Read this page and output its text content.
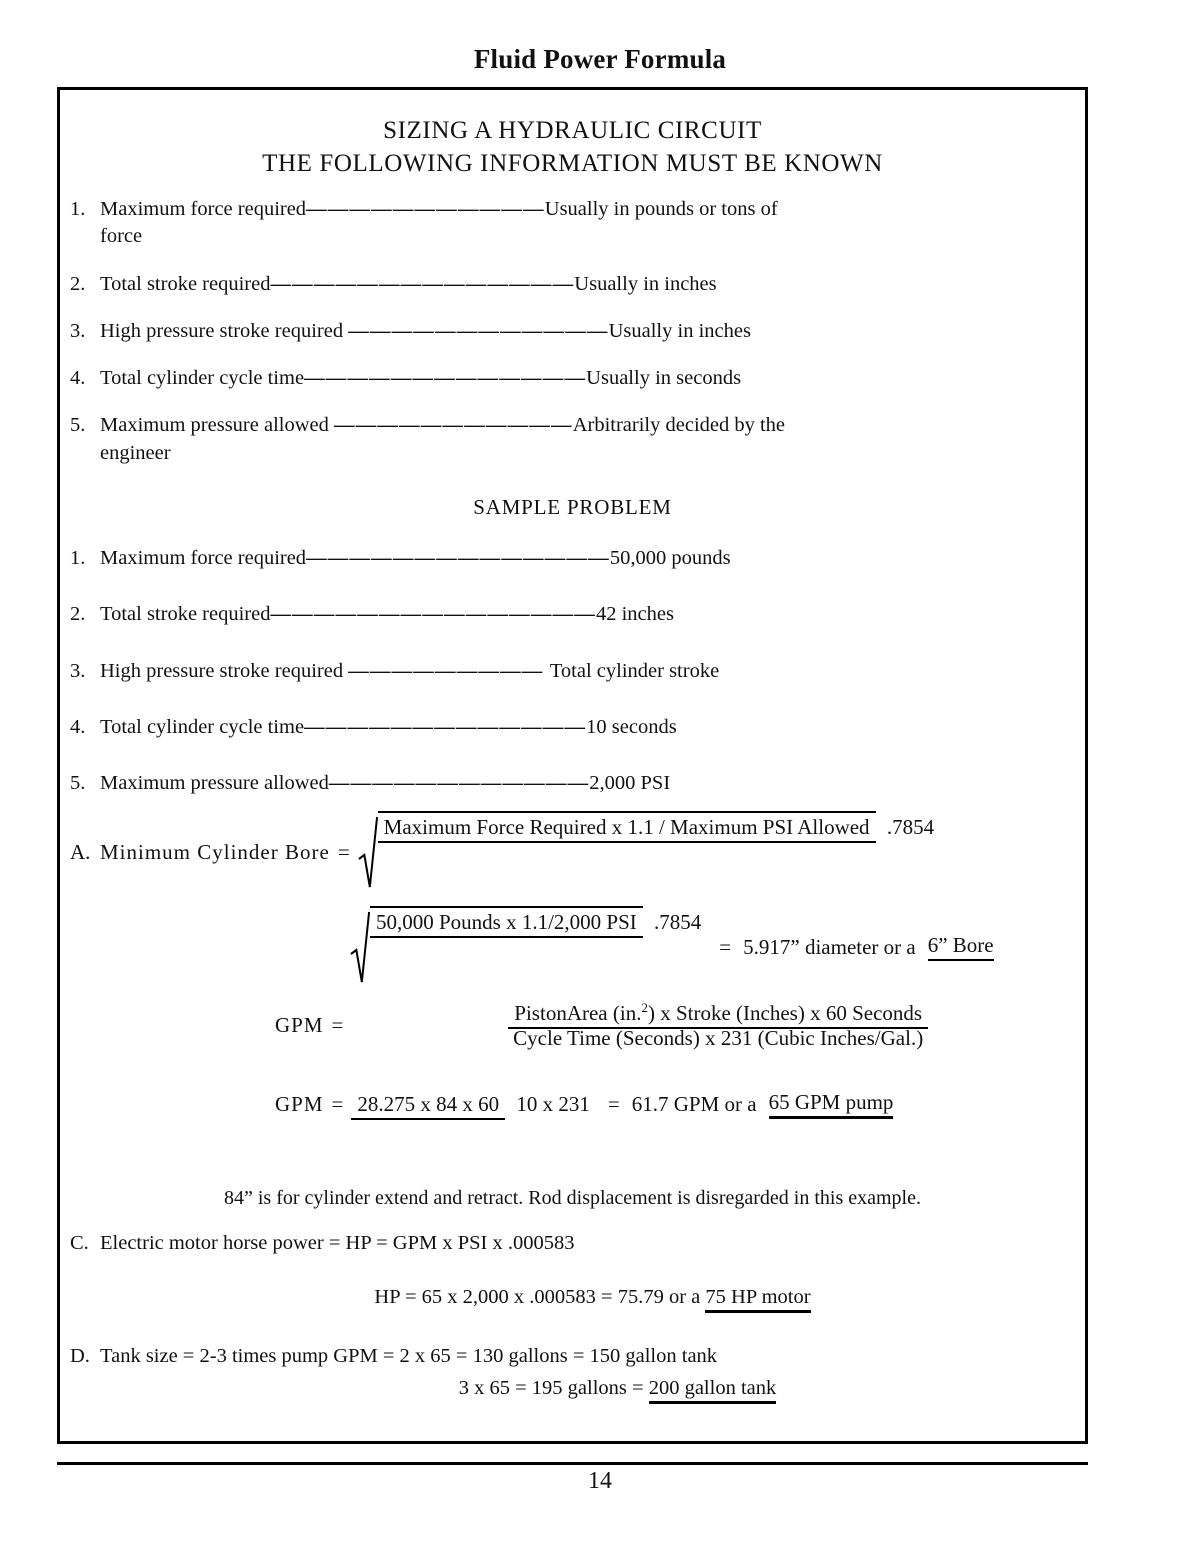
Fluid Power Formula
SIZING A HYDRAULIC CIRCUIT
THE FOLLOWING INFORMATION MUST BE KNOWN
1. Maximum force required———————————Usually in pounds or tons of
force
2. Total stroke required——————————————Usually in inches
3. High pressure stroke required ————————————Usually in inches
4. Total cylinder cycle time—————————————Usually in seconds
5. Maximum pressure allowed ———————————Arbitrarily decided by the
engineer
SAMPLE PROBLEM
1. Maximum force required——————————————50,000 pounds
2. Total stroke required———————————————42 inches
3. High pressure stroke required ————————— Total cylinder stroke
4. Total cylinder cycle time—————————————10 seconds
5. Maximum pressure allowed————————————2,000 PSI
A. Minimum Cylinder Bore =
Maximum Force Required x 1.1 / Maximum PSI Allowed .7854
50,000 Pounds x 1.1/2,000 PSI .7854
= 5.917” diameter or a 6” Bore
GPM = $\frac{PistonArea (in.^2) x Stroke (Inches) x 60 Seconds}{\text{Cycle Time (Seconds) x 231 (Cubic Inches/Gal.)}}$
GPM = 28.275 x 84 x 60 10 x 231 = 61.7 GPM or a 65 GPM pump
84” is for cylinder extend and retract. Rod displacement is disregarded in this example.
C. Electric motor horse power = HP = GPM x PSI x .000583
HP = 65 x 2,000 x .000583 = 75.79 or a 75 HP motor
D. Tank size = 2-3 times pump GPM = 2 x 65 = 130 gallons = 150 gallon tank
3 x 65 = 195 gallons = 200 gallon tank
14
